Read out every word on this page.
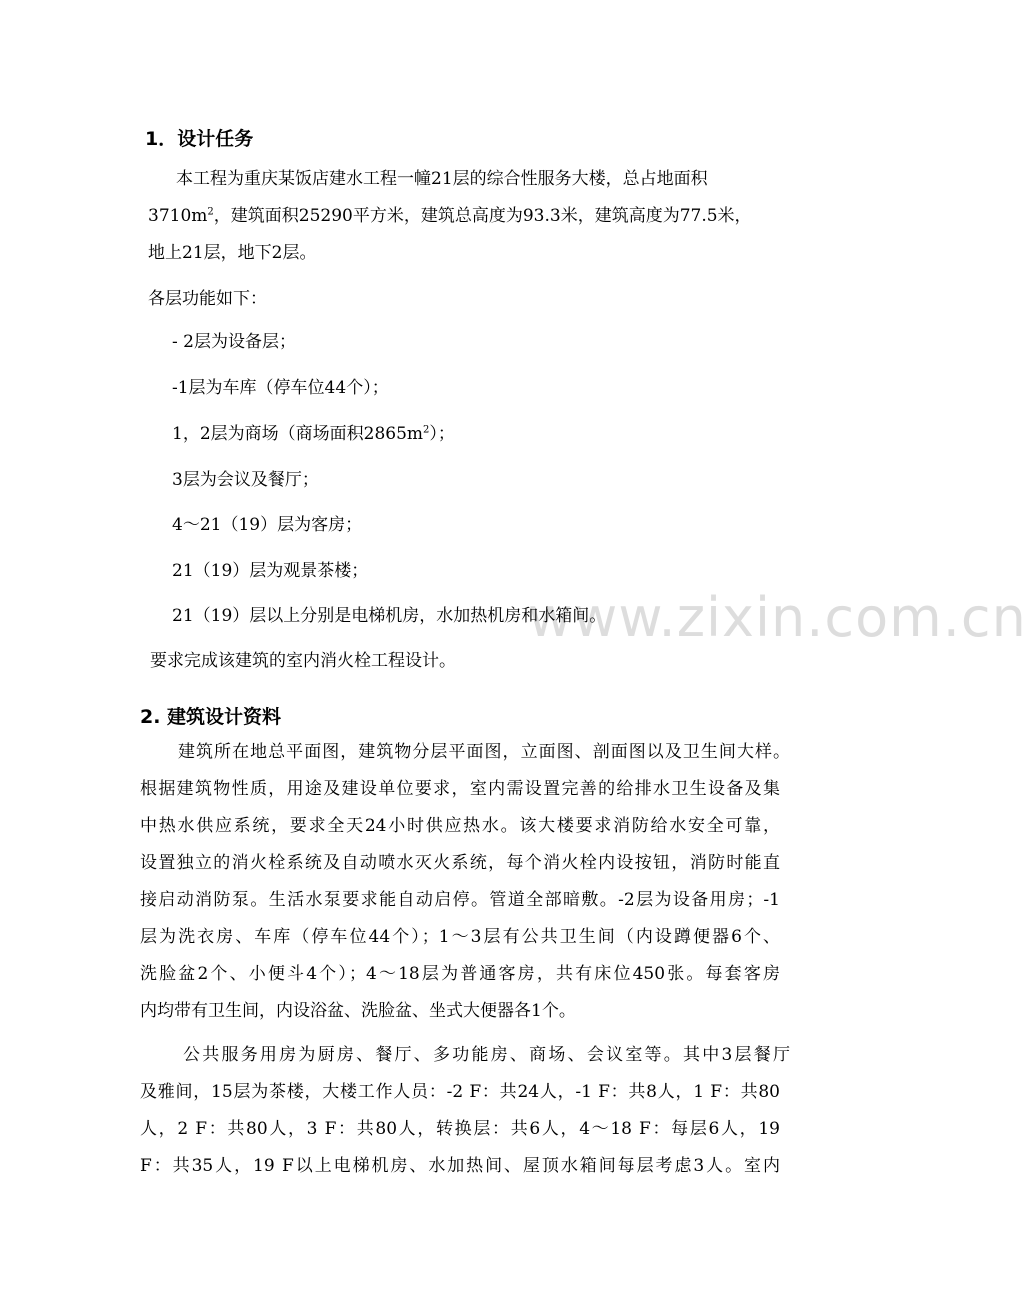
www.zixin.com.cn
1．设计任务
本工程为重庆某饭店建水工程一幢21层的综合性服务大楼，总占地面积
$3710m^2$，建筑面积25290平方米，建筑总高度为93.3米，建筑高度为77.5米，
地上21层，地下2层。
各层功能如下：
- 2层为设备层；
-1层为车库（停车位44个）；
1，2层为商场（商场面积$2865m^2$）；
3层为会议及餐厅；
4～21（19）层为客房；
21（19）层为观景茶楼；
21（19）层以上分别是电梯机房，水加热机房和水箱间。
要求完成该建筑的室内消火栓工程设计。
2. 建筑设计资料
建筑所在地总平面图，建筑物分层平面图，立面图、剖面图以及卫生间大样。
根据建筑物性质，用途及建设单位要求，室内需设置完善的给排水卫生设备及集
中热水供应系统，要求全天24小时供应热水。该大楼要求消防给水安全可靠，
设置独立的消火栓系统及自动喷水灭火系统，每个消火栓内设按钮，消防时能直
接启动消防泵。生活水泵要求能自动启停。管道全部暗敷。-2层为设备用房；-1
层为洗衣房、车库（停车位44个）；1～3层有公共卫生间（内设蹲便器6个、
洗脸盆2个、小便斗4个）；4～18层为普通客房，共有床位450张。每套客房
内均带有卫生间，内设浴盆、洗脸盆、坐式大便器各1个。
公共服务用房为厨房、餐厅、多功能房、商场、会议室等。其中3层餐厅
及雅间，15层为茶楼，大楼工作人员：-2 F：共24人，-1 F：共8人，1 F：共80
人，2 F：共80人，3 F：共80人，转换层：共6人，4～18 F：每层6人，19
F：共35人，19 F以上电梯机房、水加热间、屋顶水箱间每层考虑3人。室内
